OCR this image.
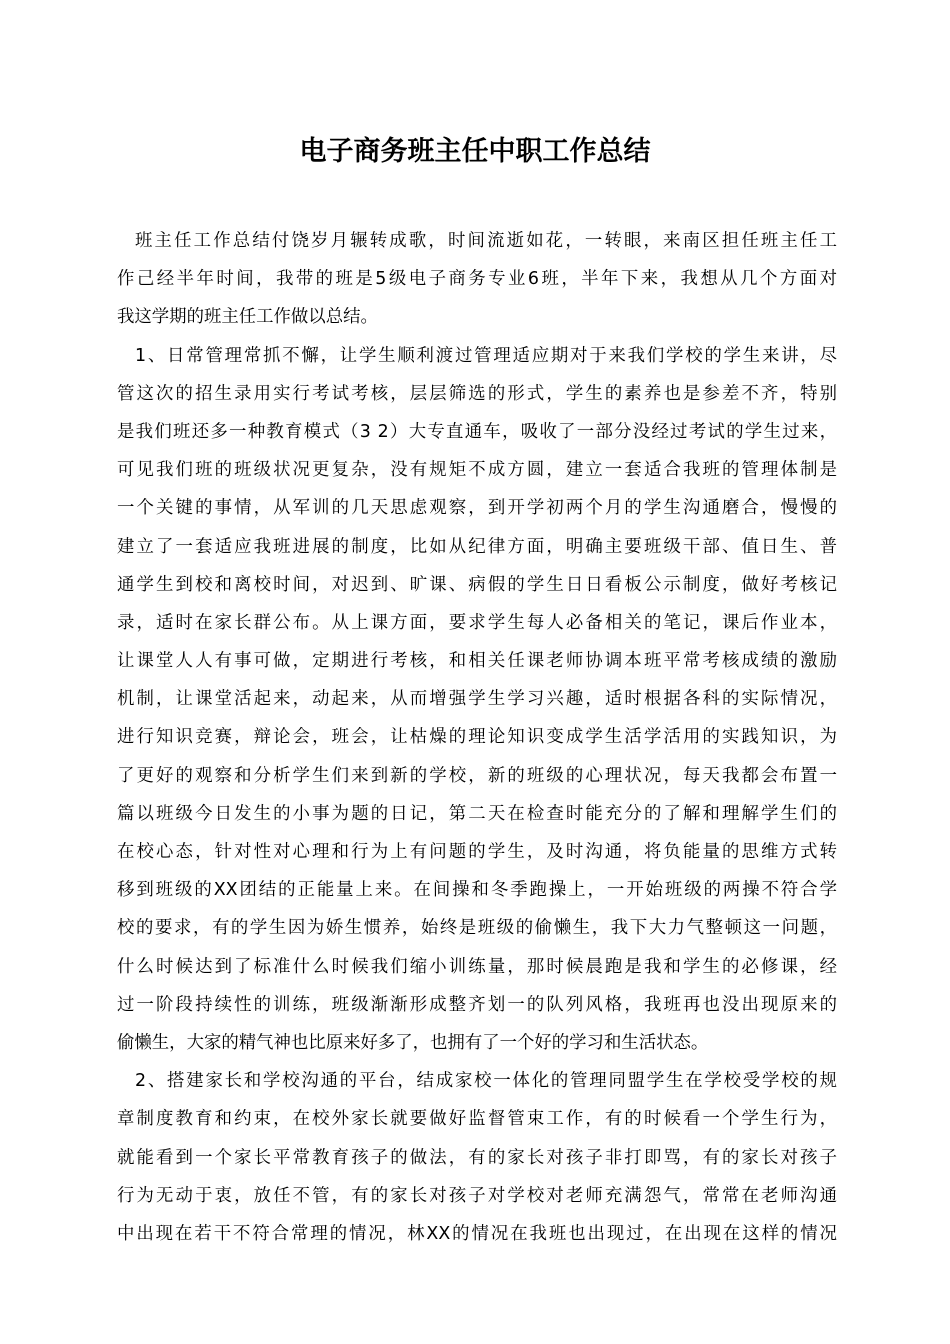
电子商务班主任中职工作总结
班主任工作总结付饶岁月辗转成歌，时间流逝如花，一转眼，来南区担任班主任工
作己经半年时间，我带的班是5级电子商务专业6班，半年下来，我想从几个方面对
我这学期的班主任工作做以总结。
1、日常管理常抓不懈，让学生顺利渡过管理适应期对于来我们学校的学生来讲，尽
管这次的招生录用实行考试考核，层层筛选的形式，学生的素养也是参差不齐，特别
是我们班还多一种教育模式（3 2）大专直通车，吸收了一部分没经过考试的学生过来，
可见我们班的班级状况更复杂，没有规矩不成方圆，建立一套适合我班的管理体制是
一个关键的事情，从军训的几天思虑观察，到开学初两个月的学生沟通磨合，慢慢的
建立了一套适应我班进展的制度，比如从纪律方面，明确主要班级干部、值日生、普
通学生到校和离校时间，对迟到、旷课、病假的学生日日看板公示制度，做好考核记
录，适时在家长群公布。从上课方面，要求学生每人必备相关的笔记，课后作业本，
让课堂人人有事可做，定期进行考核，和相关任课老师协调本班平常考核成绩的激励
机制，让课堂活起来，动起来，从而增强学生学习兴趣，适时根据各科的实际情况，
进行知识竞赛，辩论会，班会，让枯燥的理论知识变成学生活学活用的实践知识，为
了更好的观察和分析学生们来到新的学校，新的班级的心理状况，每天我都会布置一
篇以班级今日发生的小事为题的日记，第二天在检查时能充分的了解和理解学生们的
在校心态，针对性对心理和行为上有问题的学生，及时沟通，将负能量的思维方式转
移到班级的XX团结的正能量上来。在间操和冬季跑操上，一开始班级的两操不符合学
校的要求，有的学生因为娇生惯养，始终是班级的偷懒生，我下大力气整顿这一问题，
什么时候达到了标准什么时候我们缩小训练量，那时候晨跑是我和学生的必修课，经
过一阶段持续性的训练，班级渐渐形成整齐划一的队列风格，我班再也没出现原来的
偷懒生，大家的精气神也比原来好多了，也拥有了一个好的学习和生活状态。
2、搭建家长和学校沟通的平台，结成家校一体化的管理同盟学生在学校受学校的规
章制度教育和约束，在校外家长就要做好监督管束工作，有的时候看一个学生行为，
就能看到一个家长平常教育孩子的做法，有的家长对孩子非打即骂，有的家长对孩子
行为无动于衷，放任不管，有的家长对孩子对学校对老师充满怨气，常常在老师沟通
中出现在若干不符合常理的情况，林XX的情况在我班也出现过，在出现在这样的情况
